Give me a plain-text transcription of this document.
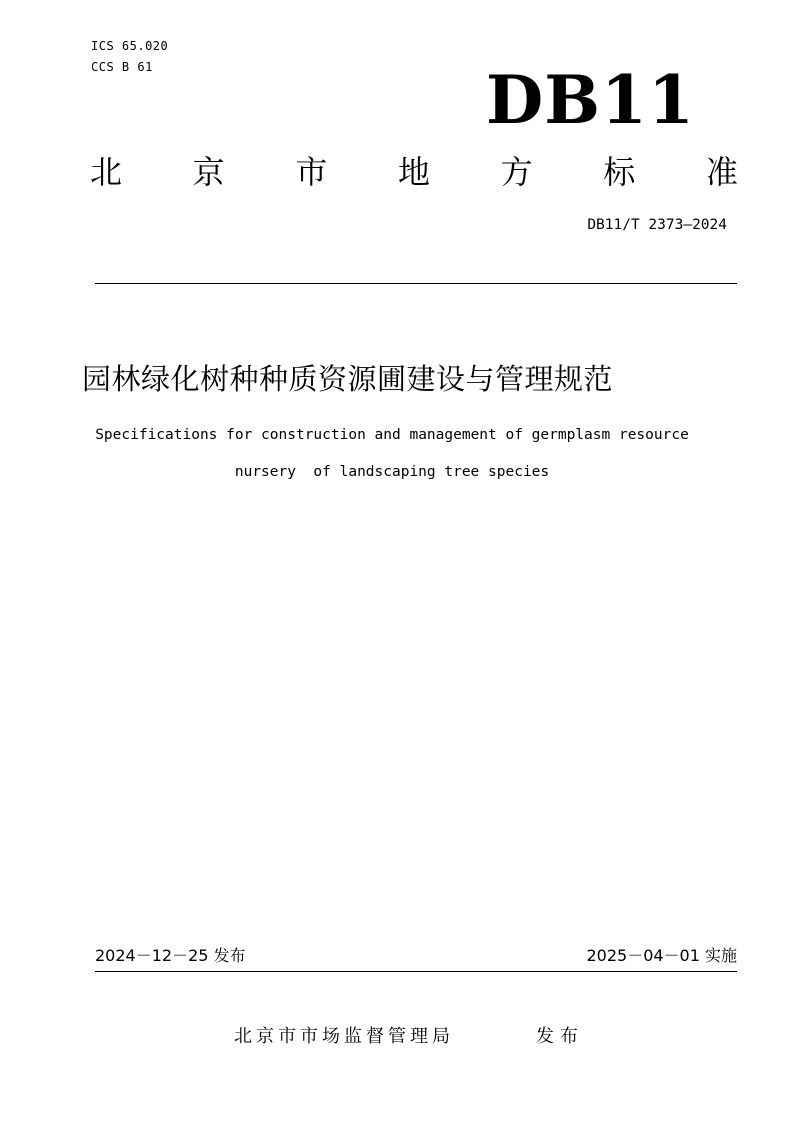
ICS 65.020
CCS B 61	DB11
北 京 市 地 方 标 准
DB11/T 2373—2024
园林绿化树种种质资源圃建设与管理规范
Specifications for construction and management of germplasm resource
nursery  of landscaping tree species
2024－12－25 发布	2025－04－01 实施
北京市市场监督管理局	发布
